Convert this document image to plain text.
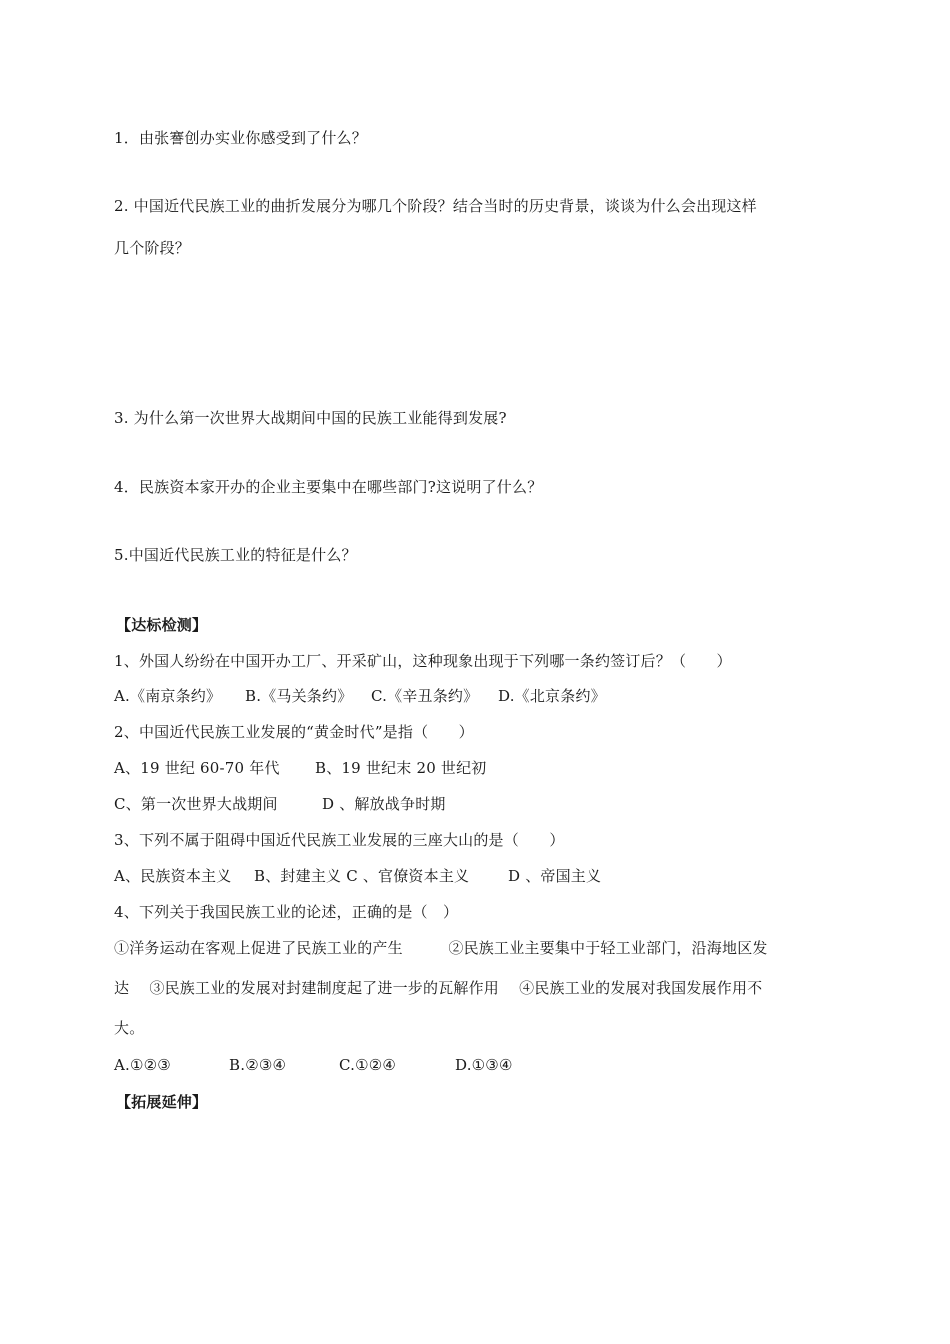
1．由张謇创办实业你感受到了什么？
2. 中国近代民族工业的曲折发展分为哪几个阶段？结合当时的历史背景，谈谈为什么会出现这样
几个阶段？
3. 为什么第一次世界大战期间中国的民族工业能得到发展?
4．民族资本家开办的企业主要集中在哪些部门?这说明了什么？
5.中国近代民族工业的特征是什么？
【达标检测】
1、外国人纷纷在中国开办工厂、开采矿山，这种现象出现于下列哪一条约签订后？（　　）
A.《南京条约》 B.《马关条约》 C.《辛丑条约》 D.《北京条约》
2、中国近代民族工业发展的“黄金时代”是指（　　）
A、19 世纪 60-70 年代 B、19 世纪末 20 世纪初
C、第一次世界大战期间	D 、解放战争时期
3、下列不属于阻碍中国近代民族工业发展的三座大山的是（　　）
A、民族资本主义 B、封建主义 C 、官僚资本主义	D 、帝国主义
4、下列关于我国民族工业的论述，正确的是（　）
①洋务运动在客观上促进了民族工业的产生　　　②民族工业主要集中于轻工业部门，沿海地区发
达　 ③民族工业的发展对封建制度起了进一步的瓦解作用　 ④民族工业的发展对我国发展作用不
大。
A.①②③	B.②③④	C.①②④	D.①③④
【拓展延伸】
